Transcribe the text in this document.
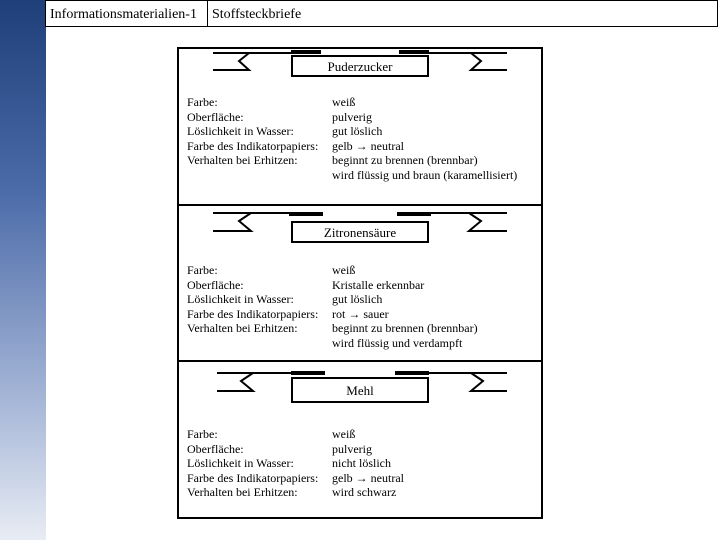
Informationsmaterialien-1	Stoffsteckbriefe
Puderzucker
Farbe:	weiß
Oberfläche:	pulverig
Löslichkeit in Wasser:	gut löslich
Farbe des Indikatorpapiers:	gelb → neutral
Verhalten bei Erhitzen:	beginnt zu brennen (brennbar)
wird flüssig und braun (karamellisiert)
Zitronensäure
Farbe:	weiß
Oberfläche:	Kristalle erkennbar
Löslichkeit in Wasser:	gut löslich
Farbe des Indikatorpapiers:	rot → sauer
Verhalten bei Erhitzen:	beginnt zu brennen (brennbar)
wird flüssig und verdampft
Mehl
Farbe:	weiß
Oberfläche:	pulverig
Löslichkeit in Wasser:	nicht löslich
Farbe des Indikatorpapiers:	gelb → neutral
Verhalten bei Erhitzen:	wird schwarz
